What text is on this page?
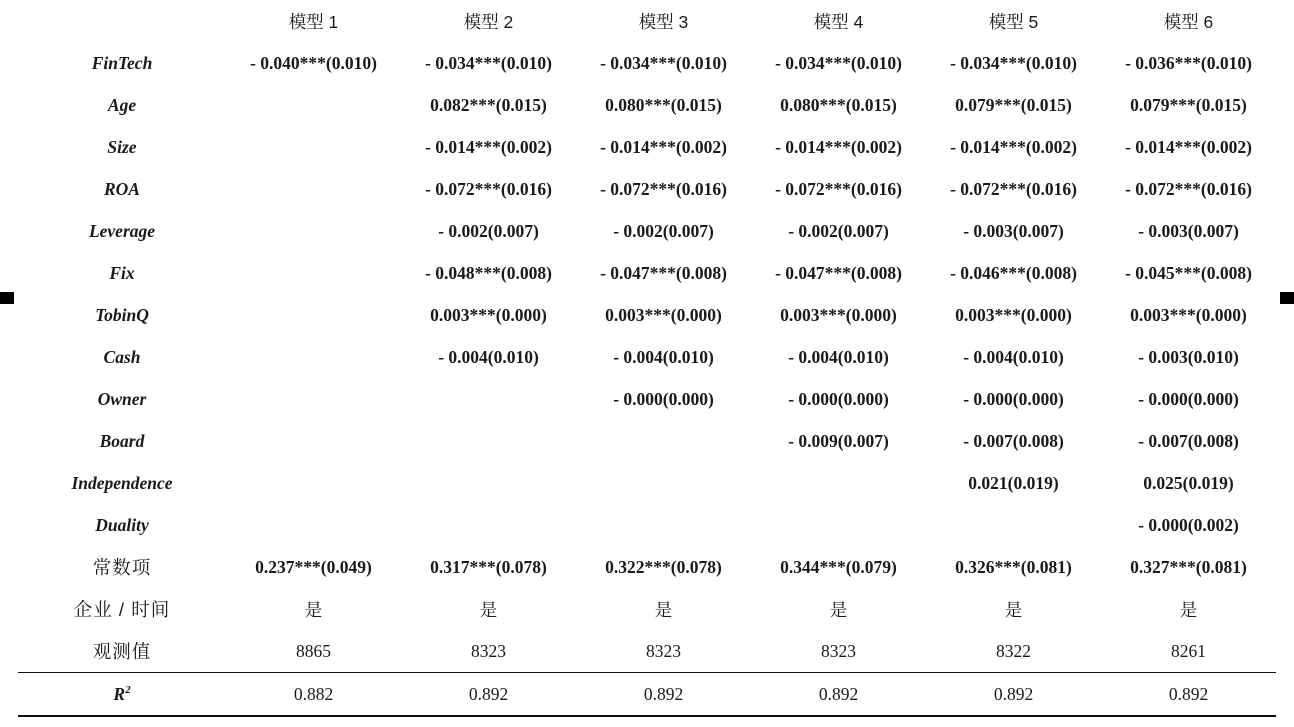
	模型 1	模型 2	模型 3	模型 4	模型 5	模型 6
FinTech	- 0.040***(0.010)	- 0.034***(0.010)	- 0.034***(0.010)	- 0.034***(0.010)	- 0.034***(0.010)	- 0.036***(0.010)
Age		0.082***(0.015)	0.080***(0.015)	0.080***(0.015)	0.079***(0.015)	0.079***(0.015)
Size		- 0.014***(0.002)	- 0.014***(0.002)	- 0.014***(0.002)	- 0.014***(0.002)	- 0.014***(0.002)
ROA		- 0.072***(0.016)	- 0.072***(0.016)	- 0.072***(0.016)	- 0.072***(0.016)	- 0.072***(0.016)
Leverage		- 0.002(0.007)	- 0.002(0.007)	- 0.002(0.007)	- 0.003(0.007)	- 0.003(0.007)
Fix		- 0.048***(0.008)	- 0.047***(0.008)	- 0.047***(0.008)	- 0.046***(0.008)	- 0.045***(0.008)
TobinQ		0.003***(0.000)	0.003***(0.000)	0.003***(0.000)	0.003***(0.000)	0.003***(0.000)
Cash		- 0.004(0.010)	- 0.004(0.010)	- 0.004(0.010)	- 0.004(0.010)	- 0.003(0.010)
Owner			- 0.000(0.000)	- 0.000(0.000)	- 0.000(0.000)	- 0.000(0.000)
Board				- 0.009(0.007)	- 0.007(0.008)	- 0.007(0.008)
Independence					0.021(0.019)	0.025(0.019)
Duality						- 0.000(0.002)
常数项	0.237***(0.049)	0.317***(0.078)	0.322***(0.078)	0.344***(0.079)	0.326***(0.081)	0.327***(0.081)
企业 / 时间	是	是	是	是	是	是
观测值	8865	8323	8323	8323	8322	8261
$R^2$	0.882	0.892	0.892	0.892	0.892	0.892
